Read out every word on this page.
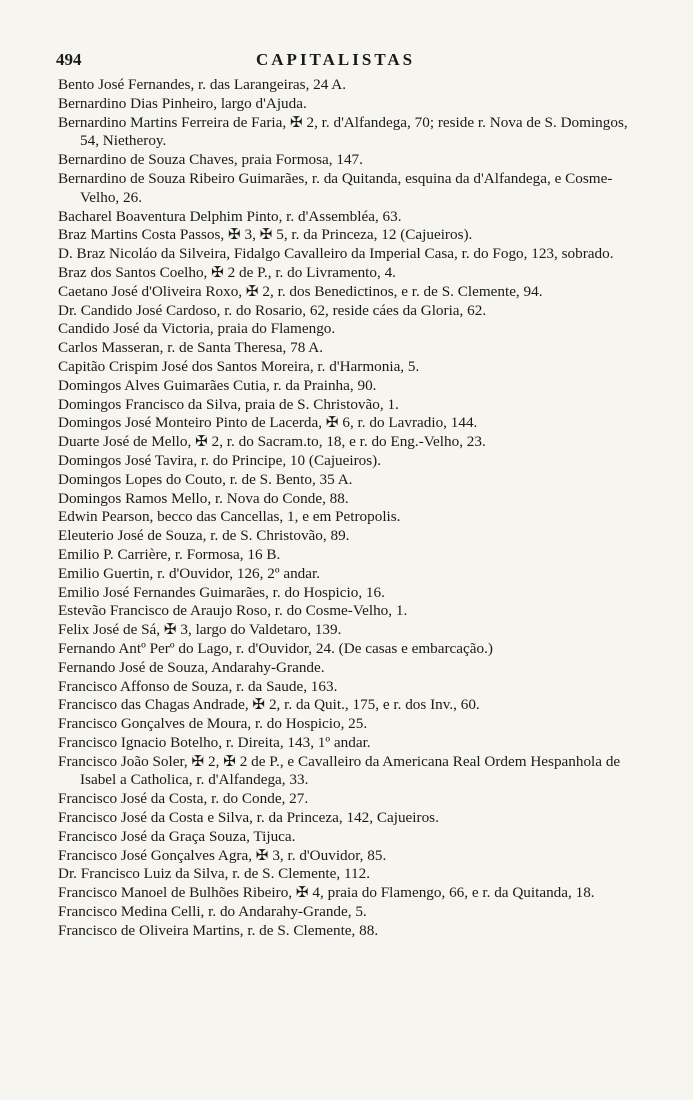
494	CAPITALISTAS
Bento José Fernandes, r. das Larangeiras, 24 A.
Bernardino Dias Pinheiro, largo d'Ajuda.
Bernardino Martins Ferreira de Faria, ✠ 2, r. d'Alfandega, 70; reside r. Nova de S. Domingos, 54, Nietheroy.
Bernardino de Souza Chaves, praia Formosa, 147.
Bernardino de Souza Ribeiro Guimarães, r. da Quitanda, esquina da d'Alfandega, e Cosme-Velho, 26.
Bacharel Boaventura Delphim Pinto, r. d'Assembléa, 63.
Braz Martins Costa Passos, ✠ 3, ✠ 5, r. da Princeza, 12 (Cajueiros).
D. Braz Nicoláo da Silveira, Fidalgo Cavalleiro da Imperial Casa, r. do Fogo, 123, sobrado.
Braz dos Santos Coelho, ✠ 2 de P., r. do Livramento, 4.
Caetano José d'Oliveira Roxo, ✠ 2, r. dos Benedictinos, e r. de S. Clemente, 94.
Dr. Candido José Cardoso, r. do Rosario, 62, reside cáes da Gloria, 62.
Candido José da Victoria, praia do Flamengo.
Carlos Masseran, r. de Santa Theresa, 78 A.
Capitão Crispim José dos Santos Moreira, r. d'Harmonia, 5.
Domingos Alves Guimarães Cutia, r. da Prainha, 90.
Domingos Francisco da Silva, praia de S. Christovão, 1.
Domingos José Monteiro Pinto de Lacerda, ✠ 6, r. do Lavradio, 144.
Duarte José de Mello, ✠ 2, r. do Sacram.to, 18, e r. do Eng.-Velho, 23.
Domingos José Tavira, r. do Principe, 10 (Cajueiros).
Domingos Lopes do Couto, r. de S. Bento, 35 A.
Domingos Ramos Mello, r. Nova do Conde, 88.
Edwin Pearson, becco das Cancellas, 1, e em Petropolis.
Eleuterio José de Souza, r. de S. Christovão, 89.
Emilio P. Carrière, r. Formosa, 16 B.
Emilio Guertin, r. d'Ouvidor, 126, 2º andar.
Emilio José Fernandes Guimarães, r. do Hospicio, 16.
Estevão Francisco de Araujo Roso, r. do Cosme-Velho, 1.
Felix José de Sá, ✠ 3, largo do Valdetaro, 139.
Fernando Antº Perº do Lago, r. d'Ouvidor, 24. (De casas e embarcação.)
Fernando José de Souza, Andarahy-Grande.
Francisco Affonso de Souza, r. da Saude, 163.
Francisco das Chagas Andrade, ✠ 2, r. da Quit., 175, e r. dos Inv., 60.
Francisco Gonçalves de Moura, r. do Hospicio, 25.
Francisco Ignacio Botelho, r. Direita, 143, 1º andar.
Francisco João Soler, ✠ 2, ✠ 2 de P., e Cavalleiro da Americana Real Ordem Hespanhola de Isabel a Catholica, r. d'Alfandega, 33.
Francisco José da Costa, r. do Conde, 27.
Francisco José da Costa e Silva, r. da Princeza, 142, Cajueiros.
Francisco José da Graça Souza, Tijuca.
Francisco José Gonçalves Agra, ✠ 3, r. d'Ouvidor, 85.
Dr. Francisco Luiz da Silva, r. de S. Clemente, 112.
Francisco Manoel de Bulhões Ribeiro, ✠ 4, praia do Flamengo, 66, e r. da Quitanda, 18.
Francisco Medina Celli, r. do Andarahy-Grande, 5.
Francisco de Oliveira Martins, r. de S. Clemente, 88.
